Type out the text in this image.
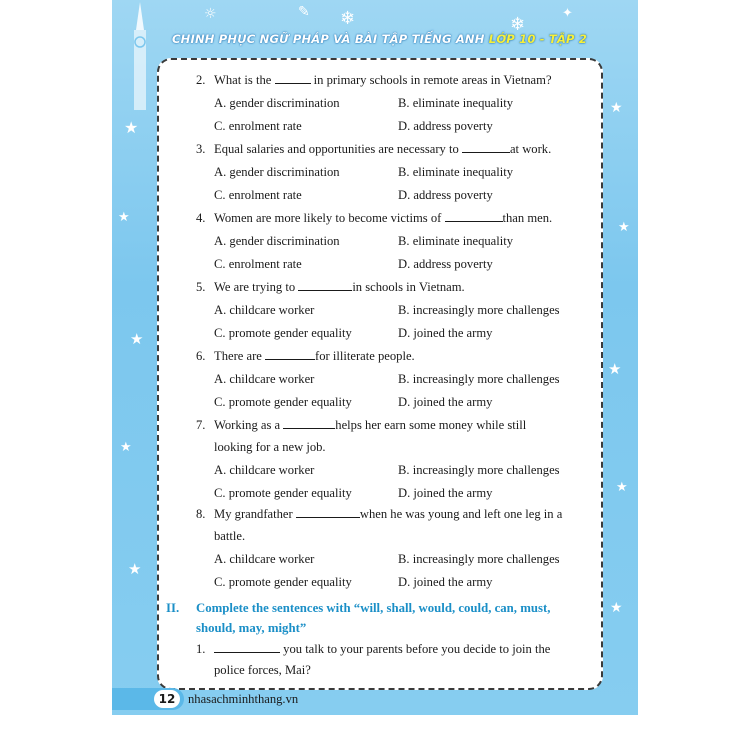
❄	❄
✦
☼	✎
★
★
★
★
★
★
★
★
★
★
CHINH PHỤC NGỮ PHÁP VÀ BÀI TẬP TIẾNG ANH LỚP 10 - TẬP 2
2. What is the	in primary schools in remote areas in Vietnam?
A. gender discrimination	B. eliminate inequality
C. enrolment rate	D. address poverty
3. Equal salaries and opportunities are necessary to	at work.
A. gender discrimination	B. eliminate inequality
C. enrolment rate	D. address poverty
4. Women are more likely to become victims of	than men.
A. gender discrimination	B. eliminate inequality
C. enrolment rate	D. address poverty
5. We are trying to	in schools in Vietnam.
A. childcare worker	B. increasingly more challenges
C. promote gender equality	D. joined the army
6. There are	for illiterate people.
A. childcare worker	B. increasingly more challenges
C. promote gender equality	D. joined the army
7. Working as a	helps her earn some money while still
looking for a new job.
A. childcare worker	B. increasingly more challenges
C. promote gender equality	D. joined the army
8. My grandfather	when he was young and left one leg in a
battle.
A. childcare worker	B. increasingly more challenges
C. promote gender equality	D. joined the army
II. Complete the sentences with “will, shall, would, could, can, must,
should, may, might”
1.	you talk to your parents before you decide to join the
police forces, Mai?
12	nhasachminhthang.vn
